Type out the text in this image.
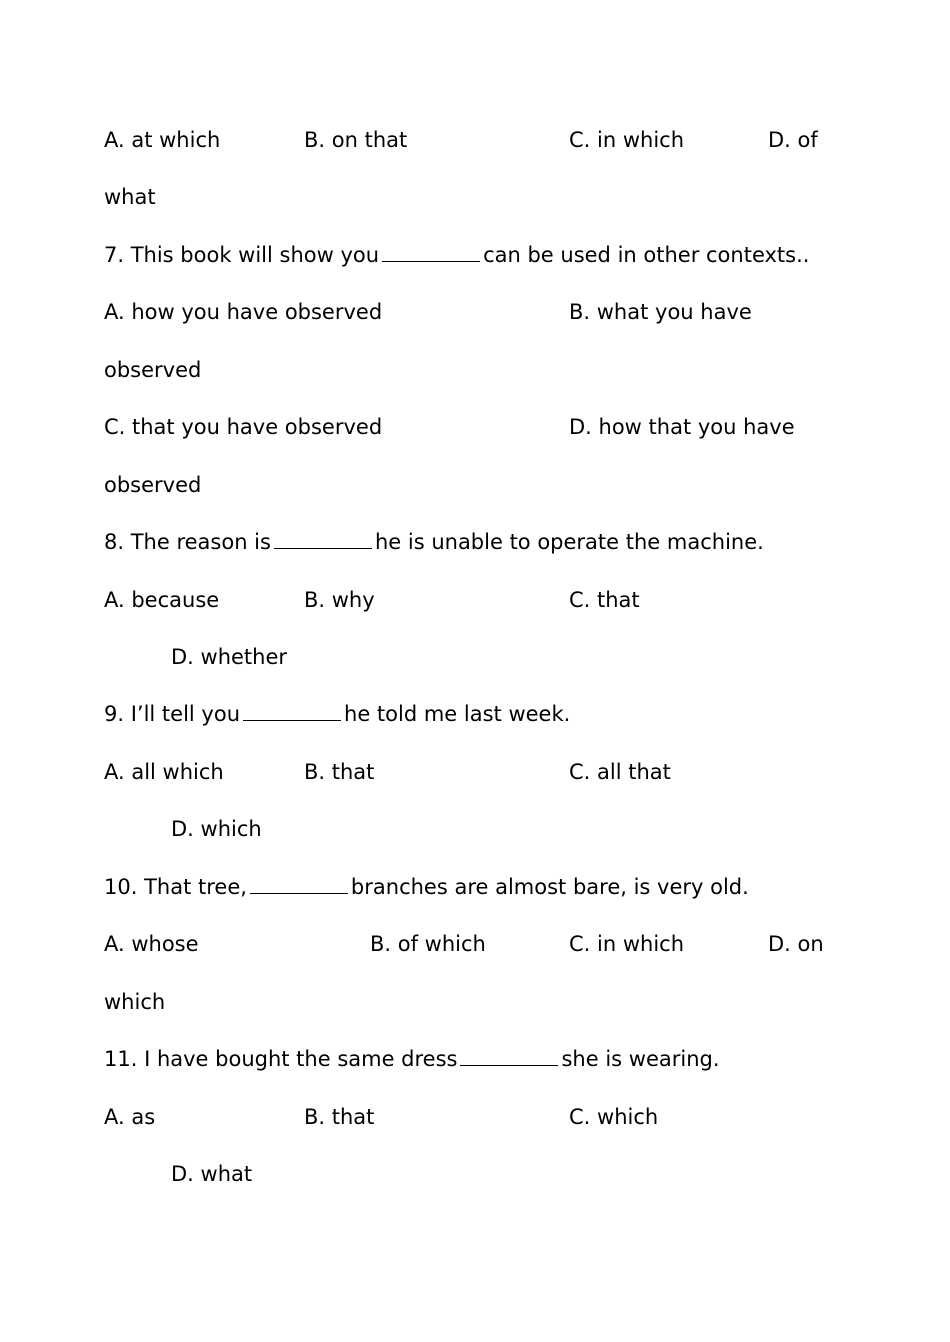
A. at which	B. on that	C. in which	D. of
what
7. This book will show you	can be used in other contexts..
A. how you have observed	B. what you have
observed
C. that you have observed	D. how that you have
observed
8. The reason is	he is unable to operate the machine.
A. because	B. why	C. that
D. whether
9. I’ll tell you	he told me last week.
A. all which	B. that	C. all that
D. which
10. That tree,	branches are almost bare, is very old.
A. whose	B. of which	C. in which	D. on
which
11. I have bought the same dress	she is wearing.
A. as	B. that	C. which
D. what
